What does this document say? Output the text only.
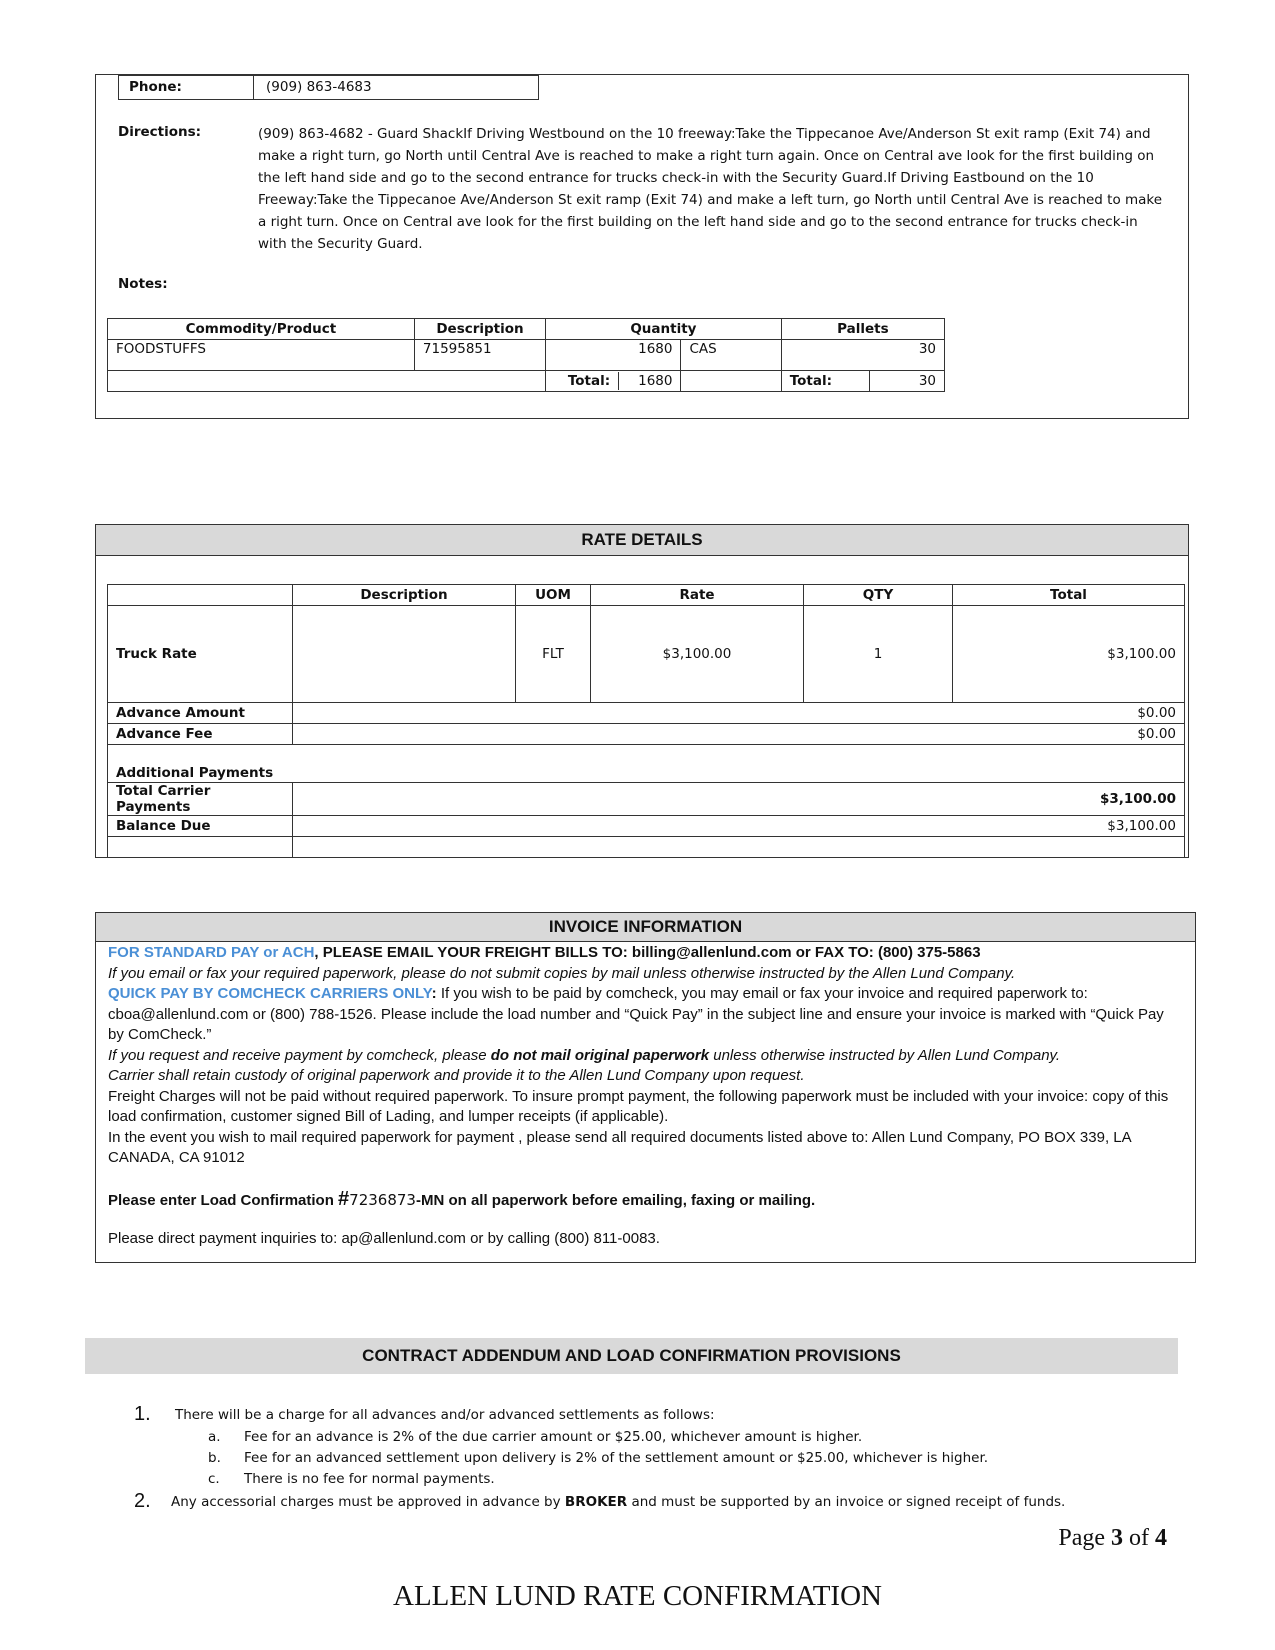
Phone:	(909) 863-4683
Directions:	(909) 863-4682 - Guard ShackIf Driving Westbound on the 10 freeway:Take the Tippecanoe Ave/Anderson St exit ramp (Exit 74) and make a right turn, go North until Central Ave is reached to make a right turn again. Once on Central ave look for the first building on the left hand side and go to the second entrance for trucks check-in with the Security Guard.If Driving Eastbound on the 10 Freeway:Take the Tippecanoe Ave/Anderson St exit ramp (Exit 74) and make a left turn, go North until Central Ave is reached to make a right turn. Once on Central ave look for the first building on the left hand side and go to the second entrance for trucks check-in with the Security Guard.
Notes:
Commodity/Product	Description	Quantity		Pallets	
FOODSTUFFS	71595851	1680	CAS	30	

		Total: 1680		Total:	30
RATE DETAILS
	Description	UOM	Rate	QTY	Total
Truck Rate		FLT	$3,100.00	1	$3,100.00
Advance Amount	$0.00				
Advance Fee	$0.00				
Additional Payments					
Total Carrier Payments	$3,100.00				
Balance Due	$3,100.00				

INVOICE INFORMATION

FOR STANDARD PAY or ACH, PLEASE EMAIL YOUR FREIGHT BILLS TO: billing@allenlund.com or FAX TO: (800) 375-5863

If you email or fax your required paperwork, please do not submit copies by mail unless otherwise instructed by the Allen Lund Company.

QUICK PAY BY COMCHECK CARRIERS ONLY: If you wish to be paid by comcheck, you may email or fax your invoice and required paperwork to: cboa@allenlund.com or (800) 788-1526. Please include the load number and “Quick Pay” in the subject line and ensure your invoice is marked with “Quick Pay by ComCheck.”

If you request and receive payment by comcheck, please do not mail original paperwork unless otherwise instructed by Allen Lund Company.

Carrier shall retain custody of original paperwork and provide it to the Allen Lund Company upon request.

Freight Charges will not be paid without required paperwork. To insure prompt payment, the following paperwork must be included with your invoice: copy of this load confirmation, customer signed Bill of Lading, and lumper receipts (if applicable).

In the event you wish to mail required paperwork for payment , please send all required documents listed above to: Allen Lund Company, PO BOX 339, LA CANADA, CA 91012

Please enter Load Confirmation #7236873-MN on all paperwork before emailing, faxing or mailing.

Please direct payment inquiries to: ap@allenlund.com or by calling (800) 811-0083.

CONTRACT ADDENDUM AND LOAD CONFIRMATION PROVISIONS
1. There will be a charge for all advances and/or advanced settlements as follows:
a. Fee for an advance is 2% of the due carrier amount or $25.00, whichever amount is higher.
b. Fee for an advanced settlement upon delivery is 2% of the settlement amount or $25.00, whichever is higher.
c. There is no fee for normal payments.
2. Any accessorial charges must be approved in advance by BROKER and must be supported by an invoice or signed receipt of funds.
Page 3 of 4
ALLEN LUND RATE CONFIRMATION
